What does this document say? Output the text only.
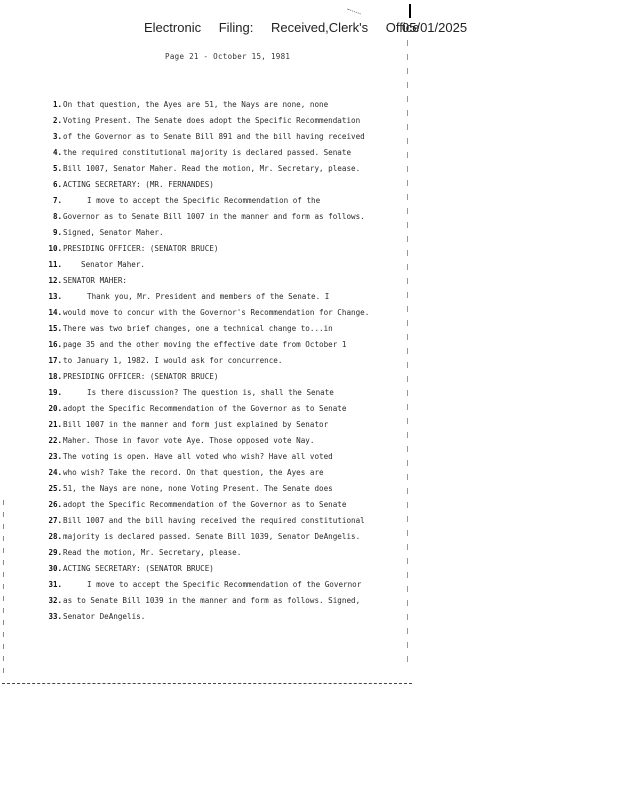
Electronic Filing: Received,Clerk's Office
05/01/2025
Page 21 - October 15, 1981
1. On that question, the Ayes are 51, the Nays are none, none
2. Voting Present. The Senate does adopt the Specific Recommendation
3. of the Governor as to Senate Bill 891 and the bill having received
4. the required constitutional majority is declared passed. Senate
5. Bill 1007, Senator Maher. Read the motion, Mr. Secretary, please.
6. ACTING SECRETARY: (MR. FERNANDES)
7.	I move to accept the Specific Recommendation of the
8. Governor as to Senate Bill 1007 in the manner and form as follows.
9. Signed, Senator Maher.
10. PRESIDING OFFICER: (SENATOR BRUCE)
11.	Senator Maher.
12. SENATOR MAHER:
13.	Thank you, Mr. President and members of the Senate. I
14. would move to concur with the Governor's Recommendation for Change.
15. There was two brief changes, one a technical change to...in
16. page 35 and the other moving the effective date from October 1
17. to January 1, 1982. I would ask for concurrence.
18. PRESIDING OFFICER: (SENATOR BRUCE)
19.	Is there discussion? The question is, shall the Senate
20. adopt the Specific Recommendation of the Governor as to Senate
21. Bill 1007 in the manner and form just explained by Senator
22. Maher. Those in favor vote Aye. Those opposed vote Nay.
23. The voting is open. Have all voted who wish? Have all voted
24. who wish? Take the record. On that question, the Ayes are
25. 51, the Nays are none, none Voting Present. The Senate does
26. adopt the Specific Recommendation of the Governor as to Senate
27. Bill 1007 and the bill having received the required constitutional
28. majority is declared passed. Senate Bill 1039, Senator DeAngelis.
29. Read the motion, Mr. Secretary, please.
30. ACTING SECRETARY: (SENATOR BRUCE)
31.	I move to accept the Specific Recommendation of the Governor
32. as to Senate Bill 1039 in the manner and form as follows. Signed,
33. Senator DeAngelis.
